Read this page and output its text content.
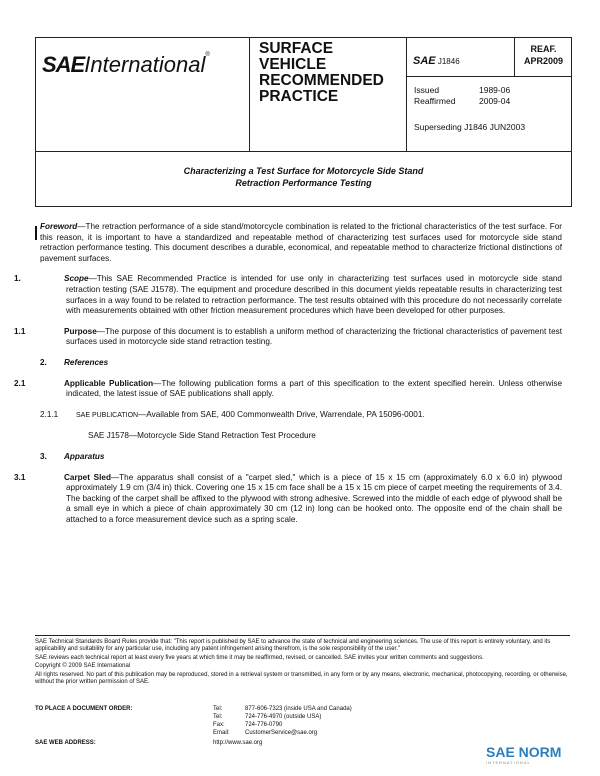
SAEInternational®	SURFACE
VEHICLE
RECOMMENDED
PRACTICE
SAE J1846
REAF.
APR2009
Issued	1989-06
Reaffirmed	2009-04
Superseding J1846 JUN2003
Characterizing a Test Surface for Motorcycle Side Stand
Retraction Performance Testing

Foreword—The retraction performance of a side stand/motorcycle combination is related to the frictional characteristics of the test surface. For this reason, it is important to have a standardized and repeatable method of characterizing test surfaces used for motorcycle side stand retraction performance testing. This document describes a durable, economical, and repeatable method to characterize frictional distinctions of pavement surfaces.

1.	Scope—This SAE Recommended Practice is intended for use only in characterizing test surfaces used in motorcycle side stand retraction testing (SAE J1578). The equipment and procedure described in this document yields repeatable results in characterizing test surfaces in a way found to be related to retraction performance. The test results obtained with this procedure do not necessarily correlate with measurements obtained with other friction measurement procedures which have been developed for other purposes.

1.1	Purpose—The purpose of this document is to establish a uniform method of characterizing the frictional characteristics of pavement test surfaces used in motorcycle side stand retraction testing.

2. References

2.1	Applicable Publication—The following publication forms a part of this specification to the extent specified herein. Unless otherwise indicated, the latest issue of SAE publications shall apply.

2.1.1	SAE PUBLICATION—Available from SAE, 400 Commonwealth Drive, Warrendale, PA 15096-0001.

SAE J1578—Motorcycle Side Stand Retraction Test Procedure

3. Apparatus

3.1	Carpet Sled—The apparatus shall consist of a "carpet sled," which is a piece of 15 x 15 cm (approximately 6.0 x 6.0 in) plywood approximately 1.9 cm (3/4 in) thick. Covering one 15 x 15 cm face shall be a 15 x 15 cm piece of carpet meeting the requirements of 3.4. The backing of the carpet shall be affixed to the plywood with strong adhesive. Screwed into the middle of each edge of plywood shall be a small eye in which a piece of chain approximately 30 cm (12 in) long can be hooked onto. The opposite end of the chain shall be attached to a force measurement device such as a spring scale.

SAE Technical Standards Board Rules provide that: "This report is published by SAE to advance the state of technical and engineering sciences. The use of this report is entirely voluntary, and its applicability and suitability for any particular use, including any patent infringement arising therefrom, is the sole responsibility of the user."

SAE reviews each technical report at least every five years at which time it may be reaffirmed, revised, or cancelled. SAE invites your written comments and suggestions.

Copyright © 2009 SAE International

All rights reserved. No part of this publication may be reproduced, stored in a retrieval system or transmitted, in any form or by any means, electronic, mechanical, photocopying, recording, or otherwise, without the prior written permission of SAE.

TO PLACE A DOCUMENT ORDER:	Tel:	877-606-7323 (inside USA and Canada)
Tel:	724-776-4970 (outside USA)
Fax:	724-776-0790
Email:	CustomerService@sae.org
SAE WEB ADDRESS:	http://www.sae.org
SAE NORM
INTERNATIONAL
